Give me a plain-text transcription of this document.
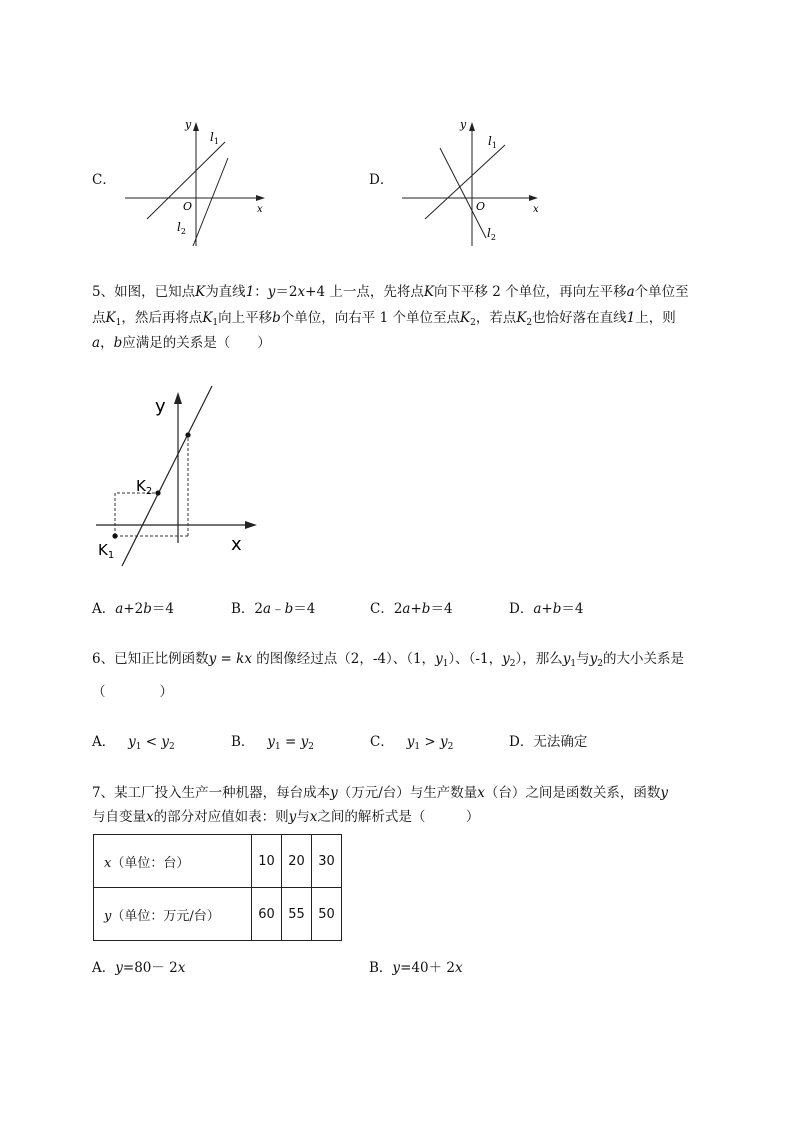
C．
y
x
O
$l_1$
$l_2$
D．
y
x
O
$l_1$
$l_2$
5、如图，已知点K为直线1：y＝2x+4 上一点，先将点K向下平移 2 个单位，再向左平移a个单位至
点$K_1$，然后再将点$K_1$向上平移b个单位，向右平 1 个单位至点$K_2$，若点$K_2$也恰好落在直线1上，则
a，b应满足的关系是（　　）
y
x
$K_2$
$K_1$
A．a+2b＝4	B．2a﹣b＝4	C．2a+b＝4	D．a+b＝4
6、已知正比例函数y = kx 的图像经过点（2，-4）、（1，$y_1$）、（-1，$y_2$），那么$y_1$与$y_2$的大小关系是
（　　　　）
A． $y_1 < y_2$	B． $y_1 = y_2$	C． $y_1 > y_2$	D．无法确定
7、某工厂投入生产一种机器，每台成本y（万元/台）与生产数量x（台）之间是函数关系，函数y
与自变量x的部分对应值如表：则y与x之间的解析式是（　　　）
x（单位：台）	10	20	30
y（单位：万元/台）	60	55	50
A．y=80－ 2x	B．y=40＋ 2x
